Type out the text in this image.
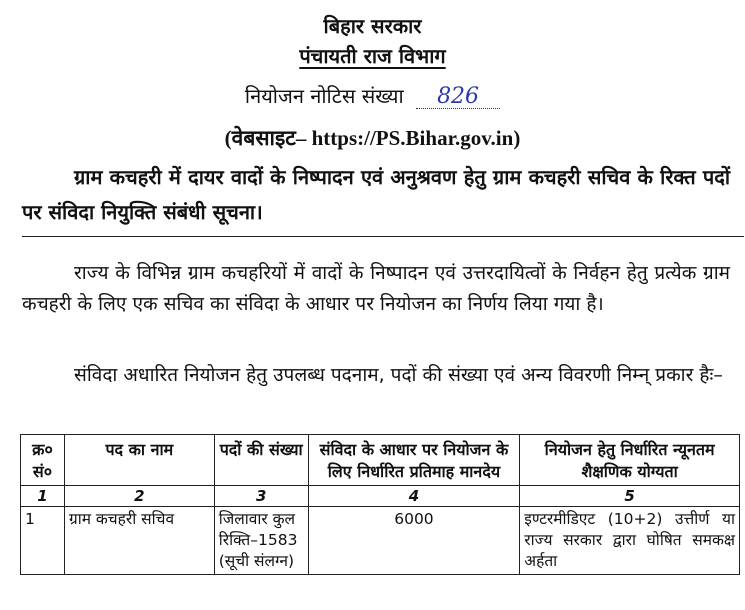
बिहार सरकार
पंचायती राज विभाग
नियोजन नोटिस संख्या 826
(वेबसाइट– https://PS.Bihar.gov.in)
ग्राम कचहरी में दायर वादों के निष्पादन एवं अनुश्रवण हेतु ग्राम कचहरी सचिव के रिक्त पदों पर संविदा नियुक्ति संबंधी सूचना।
राज्य के विभिन्न ग्राम कचहरियों में वादों के निष्पादन एवं उत्तरदायित्वों के निर्वहन हेतु प्रत्येक ग्राम कचहरी के लिए एक सचिव का संविदा के आधार पर नियोजन का निर्णय लिया गया है।
संविदा अधारित नियोजन हेतु उपलब्ध पदनाम, पदों की संख्या एवं अन्य विवरणी निम्न् प्रकार हैः–
क्र० सं०	पद का नाम	पदों की संख्या	संविदा के आधार पर नियोजन के लिए निर्धारित प्रतिमाह मानदेय	नियोजन हेतु निर्धारित न्यूनतम शैक्षणिक योग्यता
1	2	3	4	5
1	ग्राम कचहरी सचिव	जिलावार कुल रिक्ति–1583 (सूची संलग्न)	6000	इण्टरमीडिएट (10+2) उत्तीर्ण या राज्य सरकार द्वारा घोषित समकक्ष अर्हता
